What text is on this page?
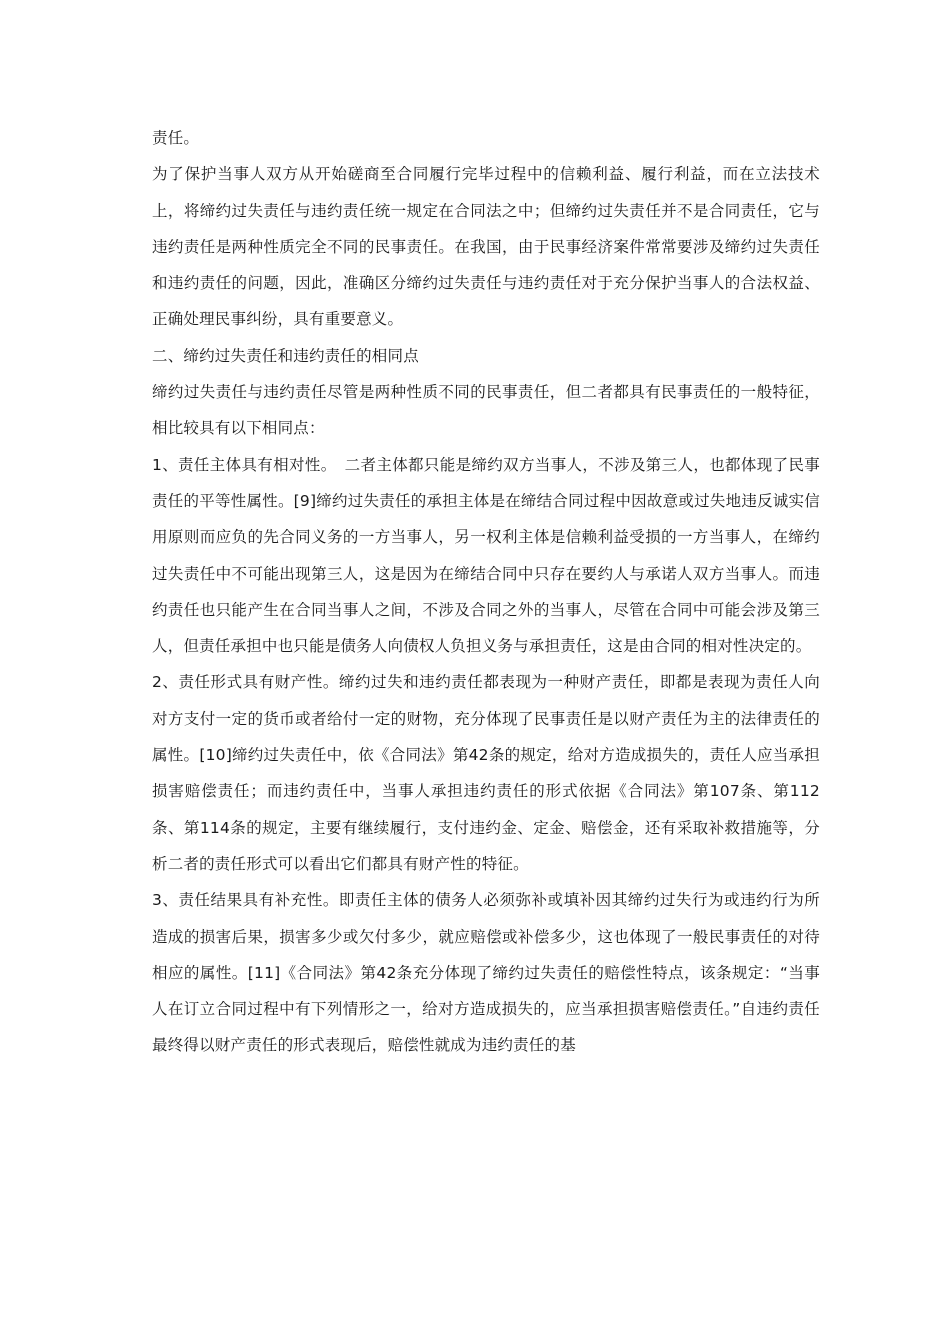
责任。

为了保护当事人双方从开始磋商至合同履行完毕过程中的信赖利益、履行利益，而在立法技术上，将缔约过失责任与违约责任统一规定在合同法之中；但缔约过失责任并不是合同责任，它与违约责任是两种性质完全不同的民事责任。在我国，由于民事经济案件常常要涉及缔约过失责任和违约责任的问题，因此，准确区分缔约过失责任与违约责任对于充分保护当事人的合法权益、正确处理民事纠纷，具有重要意义。

二、缔约过失责任和违约责任的相同点

缔约过失责任与违约责任尽管是两种性质不同的民事责任，但二者都具有民事责任的一般特征，相比较具有以下相同点：

1、责任主体具有相对性。　二者主体都只能是缔约双方当事人，不涉及第三人，也都体现了民事责任的平等性属性。[9]缔约过失责任的承担主体是在缔结合同过程中因故意或过失地违反诚实信用原则而应负的先合同义务的一方当事人，另一权利主体是信赖利益受损的一方当事人，在缔约过失责任中不可能出现第三人，这是因为在缔结合同中只存在要约人与承诺人双方当事人。而违约责任也只能产生在合同当事人之间，不涉及合同之外的当事人，尽管在合同中可能会涉及第三人，但责任承担中也只能是债务人向债权人负担义务与承担责任，这是由合同的相对性决定的。

2、责任形式具有财产性。缔约过失和违约责任都表现为一种财产责任，即都是表现为责任人向对方支付一定的货币或者给付一定的财物，充分体现了民事责任是以财产责任为主的法律责任的属性。[10]缔约过失责任中，依《合同法》第42条的规定，给对方造成损失的，责任人应当承担损害赔偿责任；而违约责任中，当事人承担违约责任的形式依据《合同法》第107条、第112条、第114条的规定，主要有继续履行，支付违约金、定金、赔偿金，还有采取补救措施等，分析二者的责任形式可以看出它们都具有财产性的特征。

3、责任结果具有补充性。即责任主体的债务人必须弥补或填补因其缔约过失行为或违约行为所造成的损害后果，损害多少或欠付多少，就应赔偿或补偿多少，这也体现了一般民事责任的对待相应的属性。[11]《合同法》第42条充分体现了缔约过失责任的赔偿性特点，该条规定：“当事人在订立合同过程中有下列情形之一，给对方造成损失的，应当承担损害赔偿责任。”自违约责任最终得以财产责任的形式表现后，赔偿性就成为违约责任的基
